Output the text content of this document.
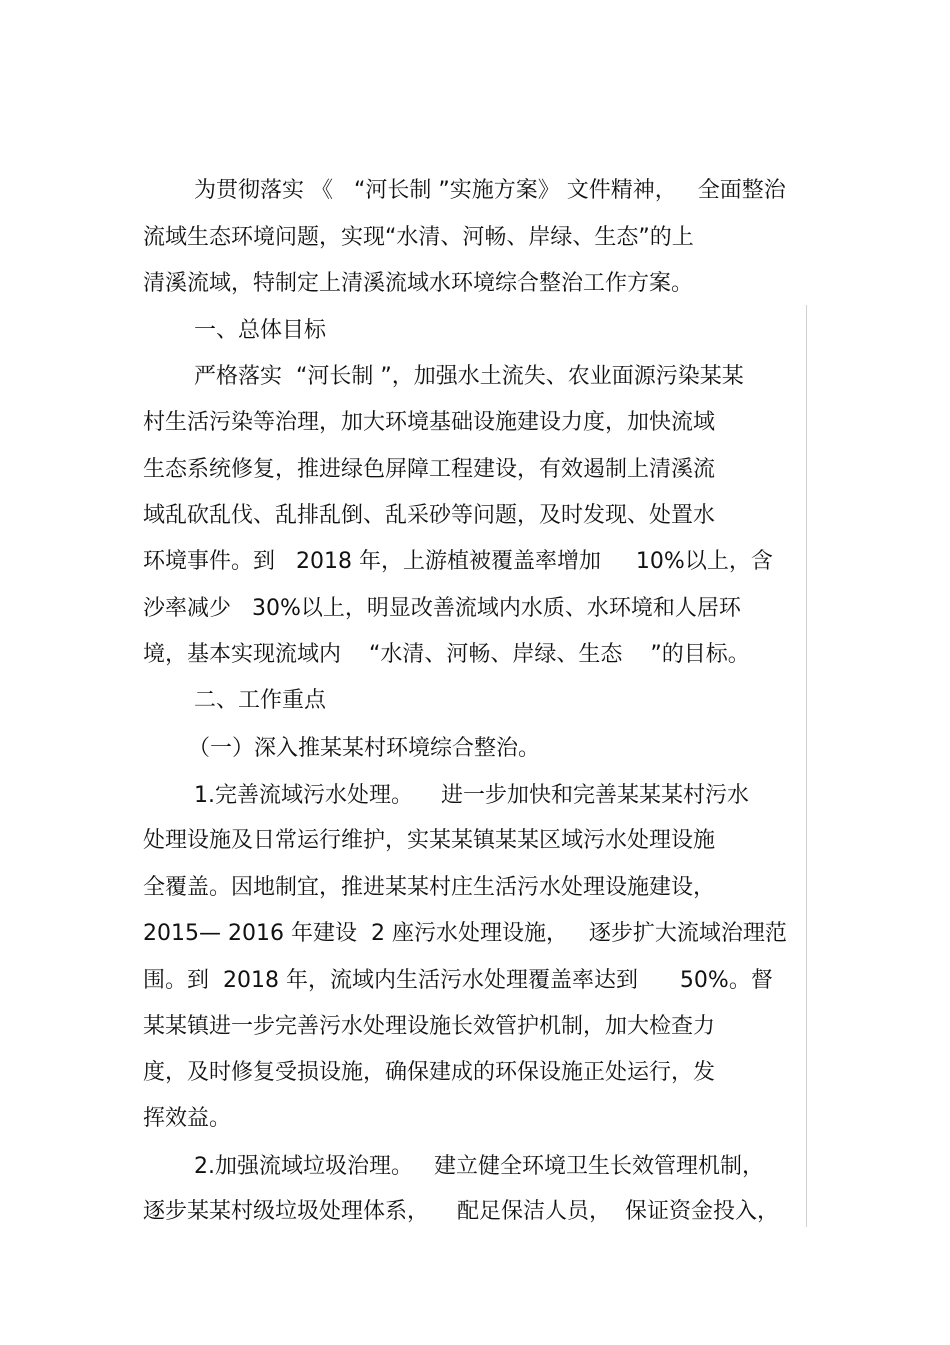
为贯彻落实 《   “河长制 ”实施方案》 文件精神，   全面整治
流域生态环境问题，实现“水清、河畅、岸绿、生态”的上
清溪流域，特制定上清溪流域水环境综合整治工作方案。
一、总体目标
严格落实  “河长制 ”，加强水土流失、农业面源污染某某
村生活污染等治理，加大环境基础设施建设力度，加快流域
生态系统修复，推进绿色屏障工程建设，有效遏制上清溪流
域乱砍乱伐、乱排乱倒、乱采砂等问题，及时发现、处置水
环境事件。到   2018 年，上游植被覆盖率增加     10%以上，含
沙率减少   30%以上，明显改善流域内水质、水环境和人居环
境，基本实现流域内    “水清、河畅、岸绿、生态    ”的目标。
二、工作重点
（一）深入推某某村环境综合整治。
1.完善流域污水处理。    进一步加快和完善某某某村污水
处理设施及日常运行维护，实某某镇某某区域污水处理设施
全覆盖。因地制宜，推进某某村庄生活污水处理设施建设，
2015— 2016 年建设  2 座污水处理设施，   逐步扩大流域治理范
围。到  2018 年，流域内生活污水处理覆盖率达到      50%。督
某某镇进一步完善污水处理设施长效管护机制，加大检查力
度，及时修复受损设施，确保建成的环保设施正处运行，发
挥效益。
2.加强流域垃圾治理。   建立健全环境卫生长效管理机制，
逐步某某村级垃圾处理体系，    配足保洁人员，  保证资金投入，
